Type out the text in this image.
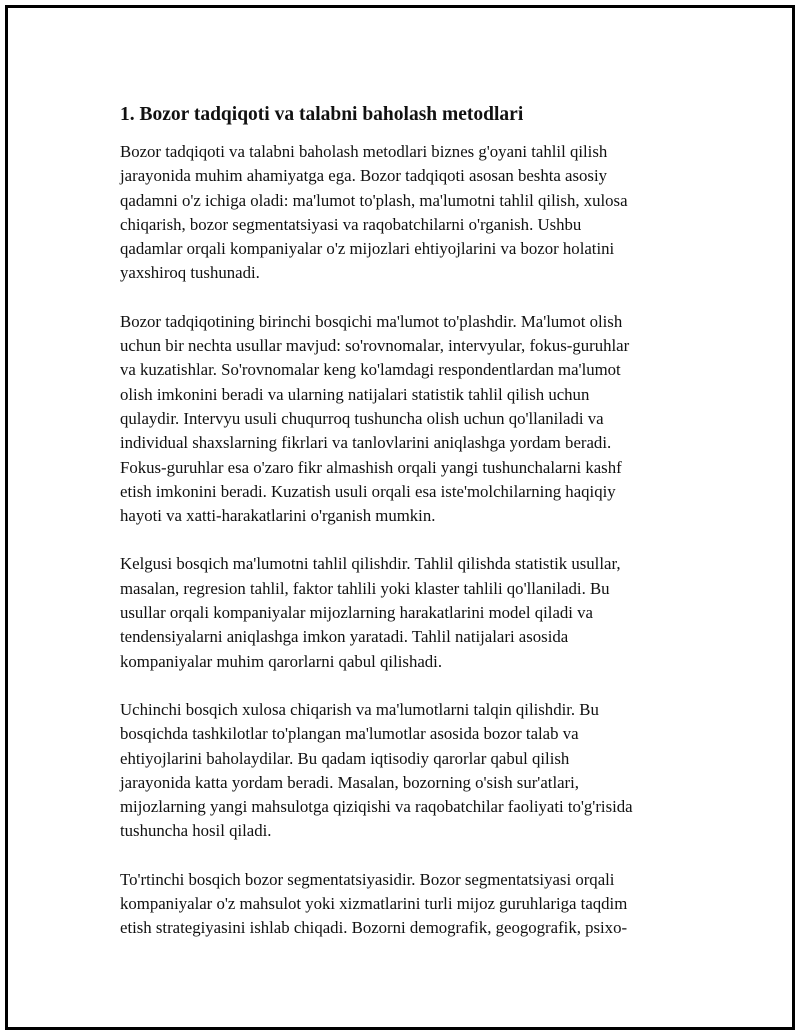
1. Bozor tadqiqoti va talabni baholash metodlari

Bozor tadqiqoti va talabni baholash metodlari biznes g'oyani tahlil qilish
jarayonida muhim ahamiyatga ega. Bozor tadqiqoti asosan beshta asosiy
qadamni o'z ichiga oladi: ma'lumot to'plash, ma'lumotni tahlil qilish, xulosa
chiqarish, bozor segmentatsiyasi va raqobatchilarni o'rganish. Ushbu
qadamlar orqali kompaniyalar o'z mijozlari ehtiyojlarini va bozor holatini
yaxshiroq tushunadi.

Bozor tadqiqotining birinchi bosqichi ma'lumot to'plashdir. Ma'lumot olish
uchun bir nechta usullar mavjud: so'rovnomalar, intervyular, fokus-guruhlar
va kuzatishlar. So'rovnomalar keng ko'lamdagi respondentlardan ma'lumot
olish imkonini beradi va ularning natijalari statistik tahlil qilish uchun
qulaydir. Intervyu usuli chuqurroq tushuncha olish uchun qo'llaniladi va
individual shaxslarning fikrlari va tanlovlarini aniqlashga yordam beradi.
Fokus-guruhlar esa o'zaro fikr almashish orqali yangi tushunchalarni kashf
etish imkonini beradi. Kuzatish usuli orqali esa iste'molchilarning haqiqiy
hayoti va xatti-harakatlarini o'rganish mumkin.

Kelgusi bosqich ma'lumotni tahlil qilishdir. Tahlil qilishda statistik usullar,
masalan, regresion tahlil, faktor tahlili yoki klaster tahlili qo'llaniladi. Bu
usullar orqali kompaniyalar mijozlarning harakatlarini model qiladi va
tendensiyalarni aniqlashga imkon yaratadi. Tahlil natijalari asosida
kompaniyalar muhim qarorlarni qabul qilishadi.

Uchinchi bosqich xulosa chiqarish va ma'lumotlarni talqin qilishdir. Bu
bosqichda tashkilotlar to'plangan ma'lumotlar asosida bozor talab va
ehtiyojlarini baholaydilar. Bu qadam iqtisodiy qarorlar qabul qilish
jarayonida katta yordam beradi. Masalan, bozorning o'sish sur'atlari,
mijozlarning yangi mahsulotga qiziqishi va raqobatchilar faoliyati to'g'risida
tushuncha hosil qiladi.

To'rtinchi bosqich bozor segmentatsiyasidir. Bozor segmentatsiyasi orqali
kompaniyalar o'z mahsulot yoki xizmatlarini turli mijoz guruhlariga taqdim
etish strategiyasini ishlab chiqadi. Bozorni demografik, geogografik, psixo-
